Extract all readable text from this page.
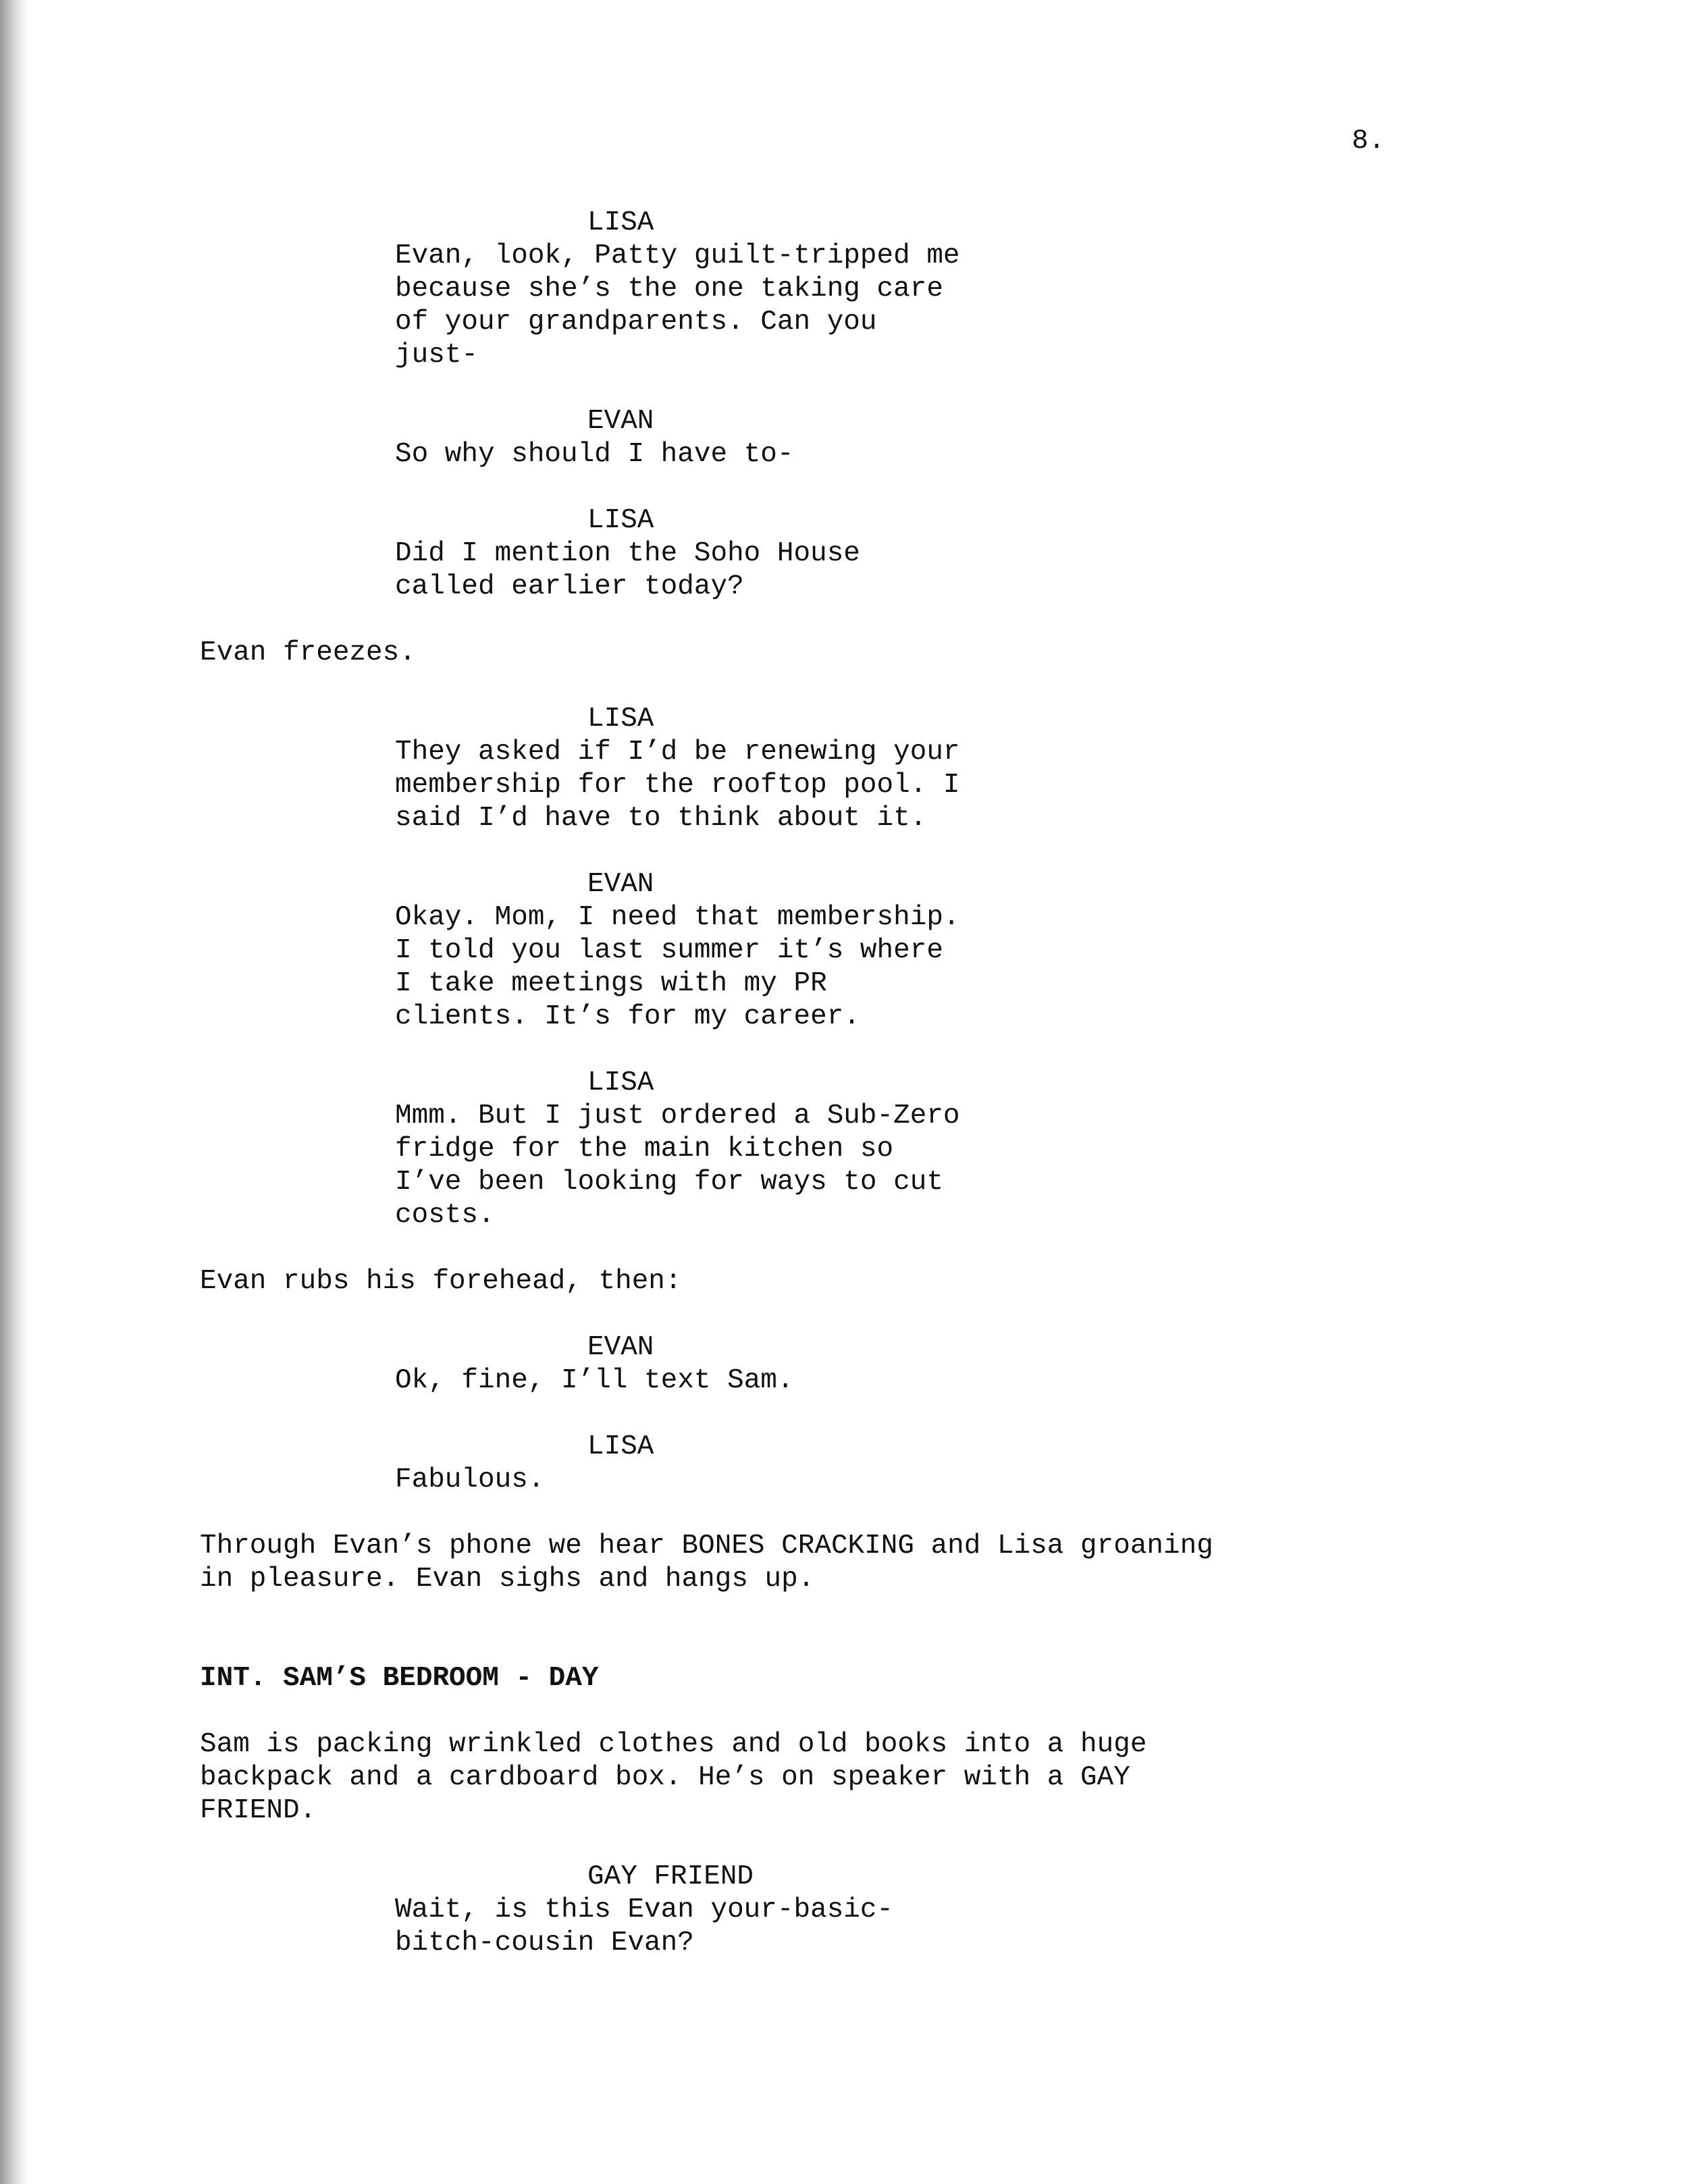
8.

LISA

Evan, look, Patty guilt-tripped me

because she’s the one taking care

of your grandparents. Can you

just-

EVAN

So why should I have to-

LISA

Did I mention the Soho House

called earlier today?

Evan freezes.

LISA

They asked if I’d be renewing your

membership for the rooftop pool. I

said I’d have to think about it.

EVAN

Okay. Mom, I need that membership.

I told you last summer it’s where

I take meetings with my PR

clients. It’s for my career.

LISA

Mmm. But I just ordered a Sub-Zero

fridge for the main kitchen so

I’ve been looking for ways to cut

costs.

Evan rubs his forehead, then:

EVAN

Ok, fine, I’ll text Sam.

LISA

Fabulous.

Through Evan’s phone we hear BONES CRACKING and Lisa groaning

in pleasure. Evan sighs and hangs up.

INT. SAM’S BEDROOM - DAY

Sam is packing wrinkled clothes and old books into a huge

backpack and a cardboard box. He’s on speaker with a GAY

FRIEND.

GAY FRIEND

Wait, is this Evan your-basic-

bitch-cousin Evan?
